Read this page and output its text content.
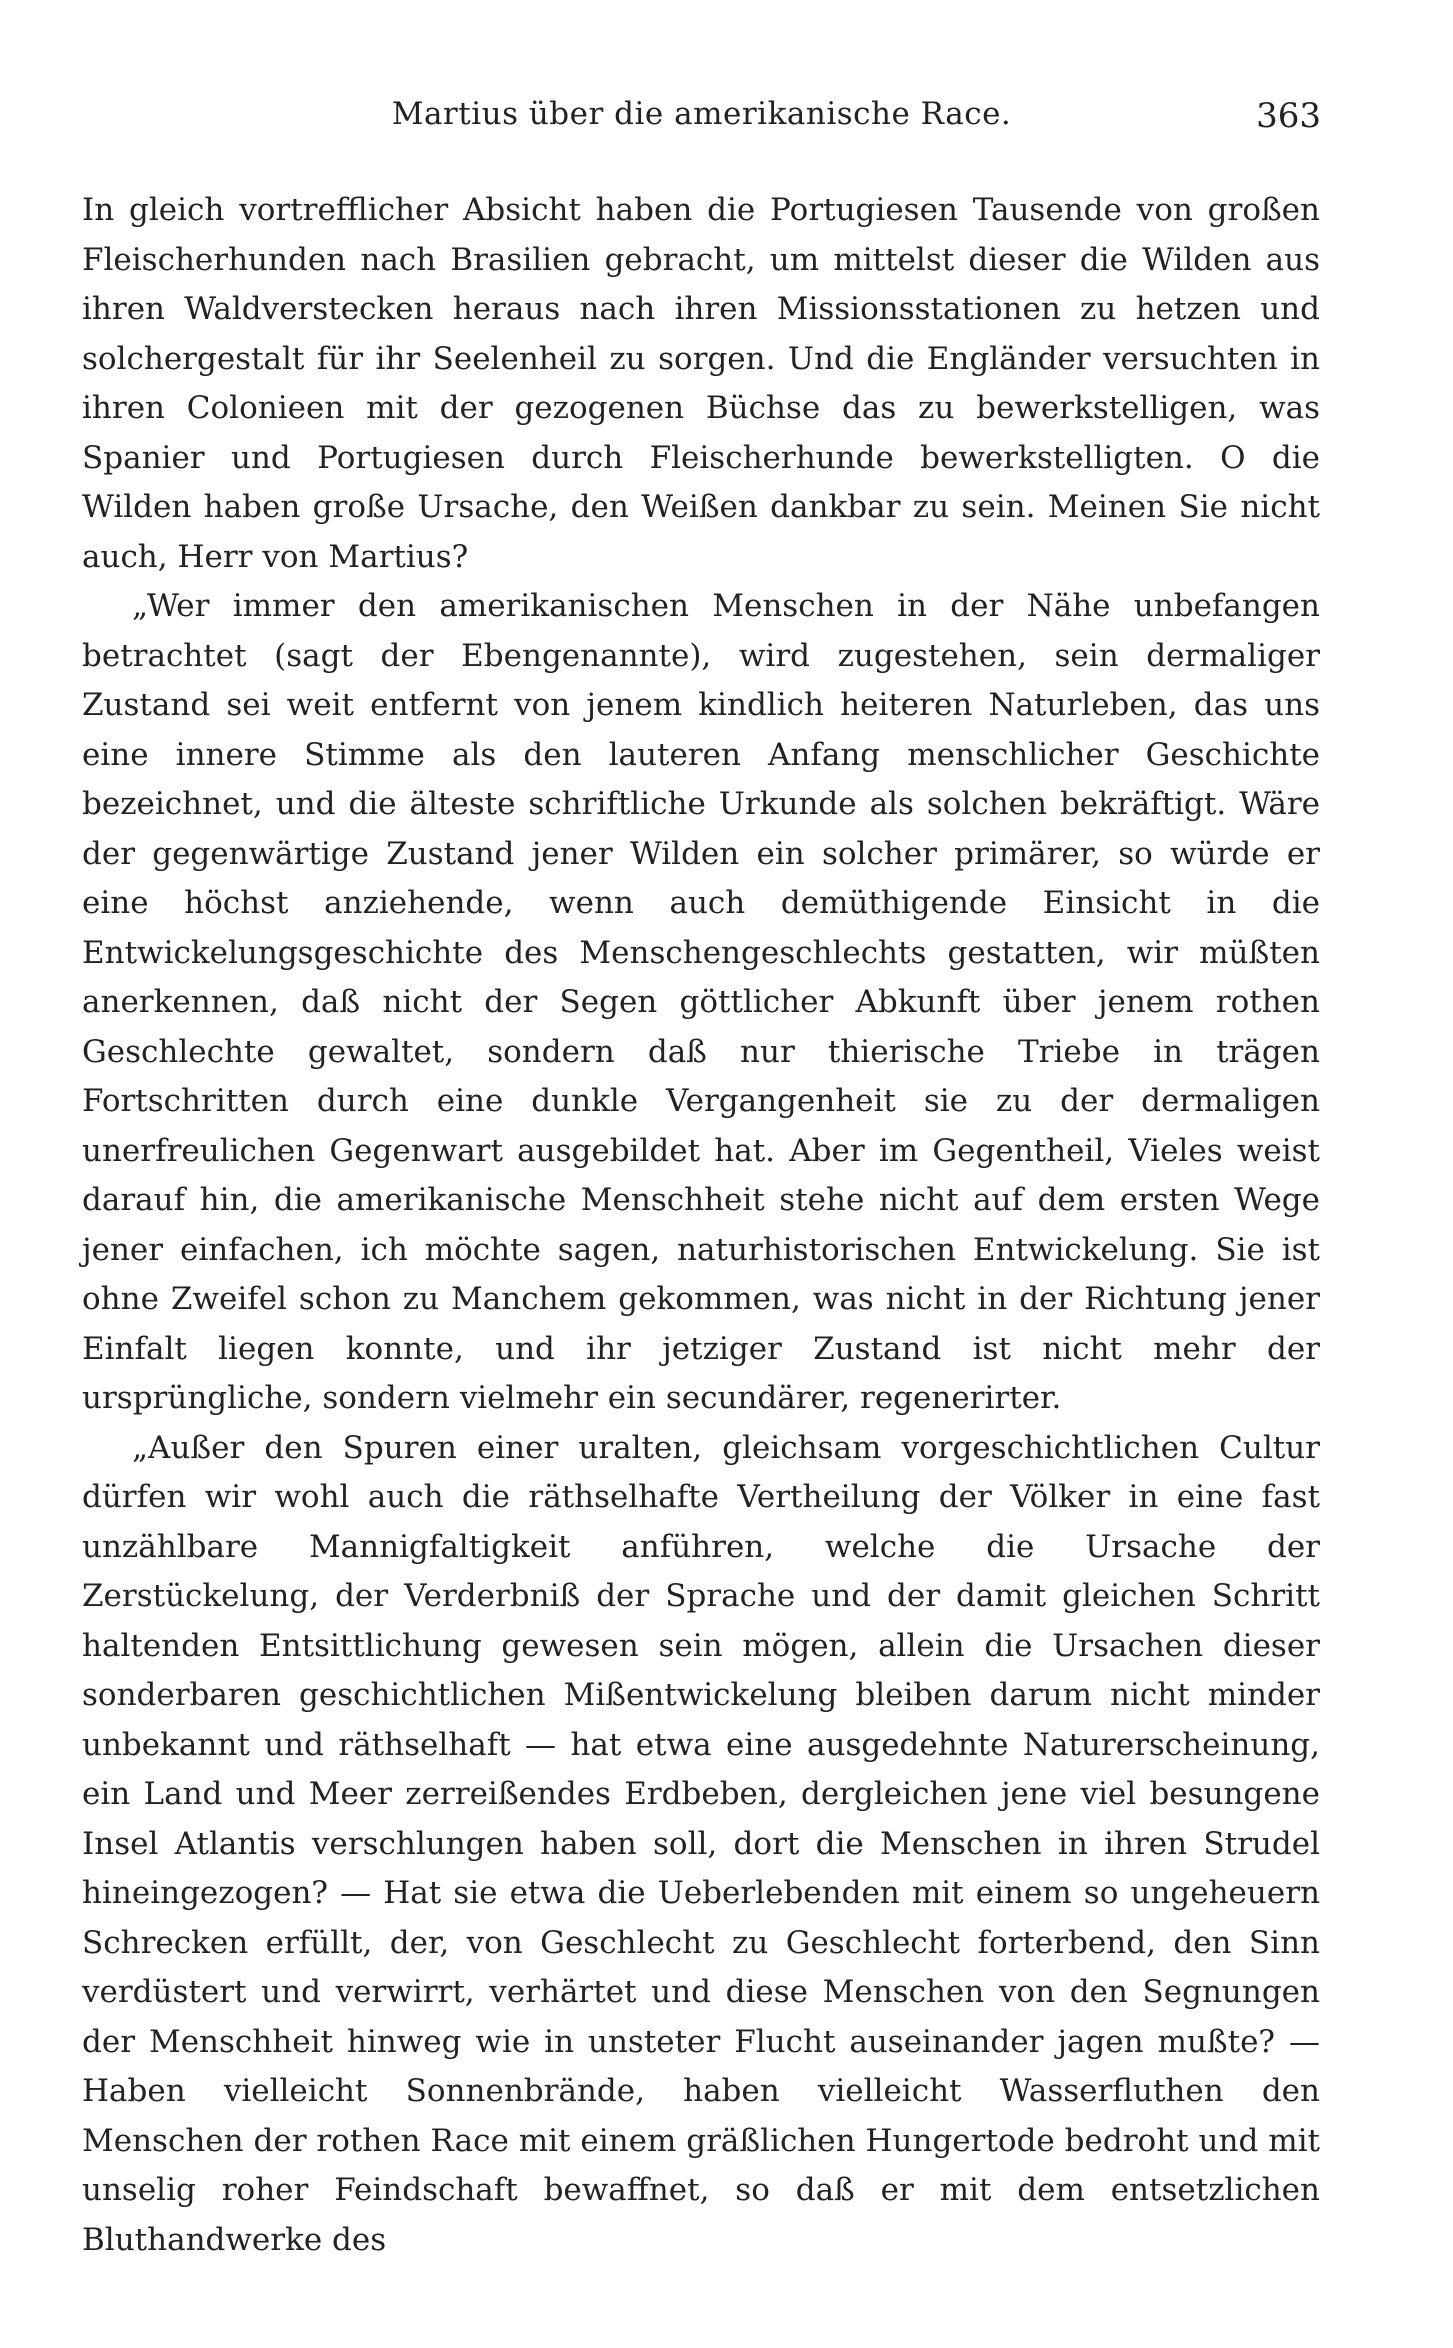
Martius über die amerikanische Race.	363

In gleich vortrefflicher Absicht haben die Portugiesen Tausende von großen Fleischerhunden nach Brasilien gebracht, um mittelst dieser die Wilden aus ihren Waldverstecken heraus nach ihren Missionsstationen zu hetzen und solchergestalt für ihr Seelenheil zu sorgen. Und die Engländer versuchten in ihren Colonieen mit der gezogenen Büchse das zu bewerkstelligen, was Spanier und Portugiesen durch Fleischerhunde bewerkstelligten. O die Wilden haben große Ursache, den Weißen dankbar zu sein. Meinen Sie nicht auch, Herr von Martius?

„Wer immer den amerikanischen Menschen in der Nähe unbefangen betrachtet (sagt der Ebengenannte), wird zugestehen, sein dermaliger Zustand sei weit entfernt von jenem kindlich heiteren Naturleben, das uns eine innere Stimme als den lauteren Anfang menschlicher Geschichte bezeichnet, und die älteste schriftliche Urkunde als solchen bekräftigt. Wäre der gegenwärtige Zustand jener Wilden ein solcher primärer, so würde er eine höchst anziehende, wenn auch demüthigende Einsicht in die Entwickelungsgeschichte des Menschengeschlechts gestatten, wir müßten anerkennen, daß nicht der Segen göttlicher Abkunft über jenem rothen Geschlechte gewaltet, sondern daß nur thierische Triebe in trägen Fortschritten durch eine dunkle Vergangenheit sie zu der dermaligen unerfreulichen Gegenwart ausgebildet hat. Aber im Gegentheil, Vieles weist darauf hin, die amerikanische Menschheit stehe nicht auf dem ersten Wege jener einfachen, ich möchte sagen, naturhistorischen Entwickelung. Sie ist ohne Zweifel schon zu Manchem gekommen, was nicht in der Richtung jener Einfalt liegen konnte, und ihr jetziger Zustand ist nicht mehr der ursprüngliche, sondern vielmehr ein secundärer, regenerirter.

„Außer den Spuren einer uralten, gleichsam vorgeschichtlichen Cultur dürfen wir wohl auch die räthselhafte Vertheilung der Völker in eine fast unzählbare Mannigfaltigkeit anführen, welche die Ursache der Zerstückelung, der Verderbniß der Sprache und der damit gleichen Schritt haltenden Entsittlichung gewesen sein mögen, allein die Ursachen dieser sonderbaren geschichtlichen Mißentwickelung bleiben darum nicht minder unbekannt und räthselhaft — hat etwa eine ausgedehnte Naturerscheinung, ein Land und Meer zerreißendes Erdbeben, dergleichen jene viel besungene Insel Atlantis verschlungen haben soll, dort die Menschen in ihren Strudel hineingezogen? — Hat sie etwa die Ueberlebenden mit einem so ungeheuern Schrecken erfüllt, der, von Geschlecht zu Geschlecht forterbend, den Sinn verdüstert und verwirrt, verhärtet und diese Menschen von den Segnungen der Menschheit hinweg wie in unsteter Flucht auseinander jagen mußte? — Haben vielleicht Sonnenbrände, haben vielleicht Wasserfluthen den Menschen der rothen Race mit einem gräßlichen Hungertode bedroht und mit unselig roher Feindschaft bewaffnet, so daß er mit dem entsetzlichen Bluthandwerke des
